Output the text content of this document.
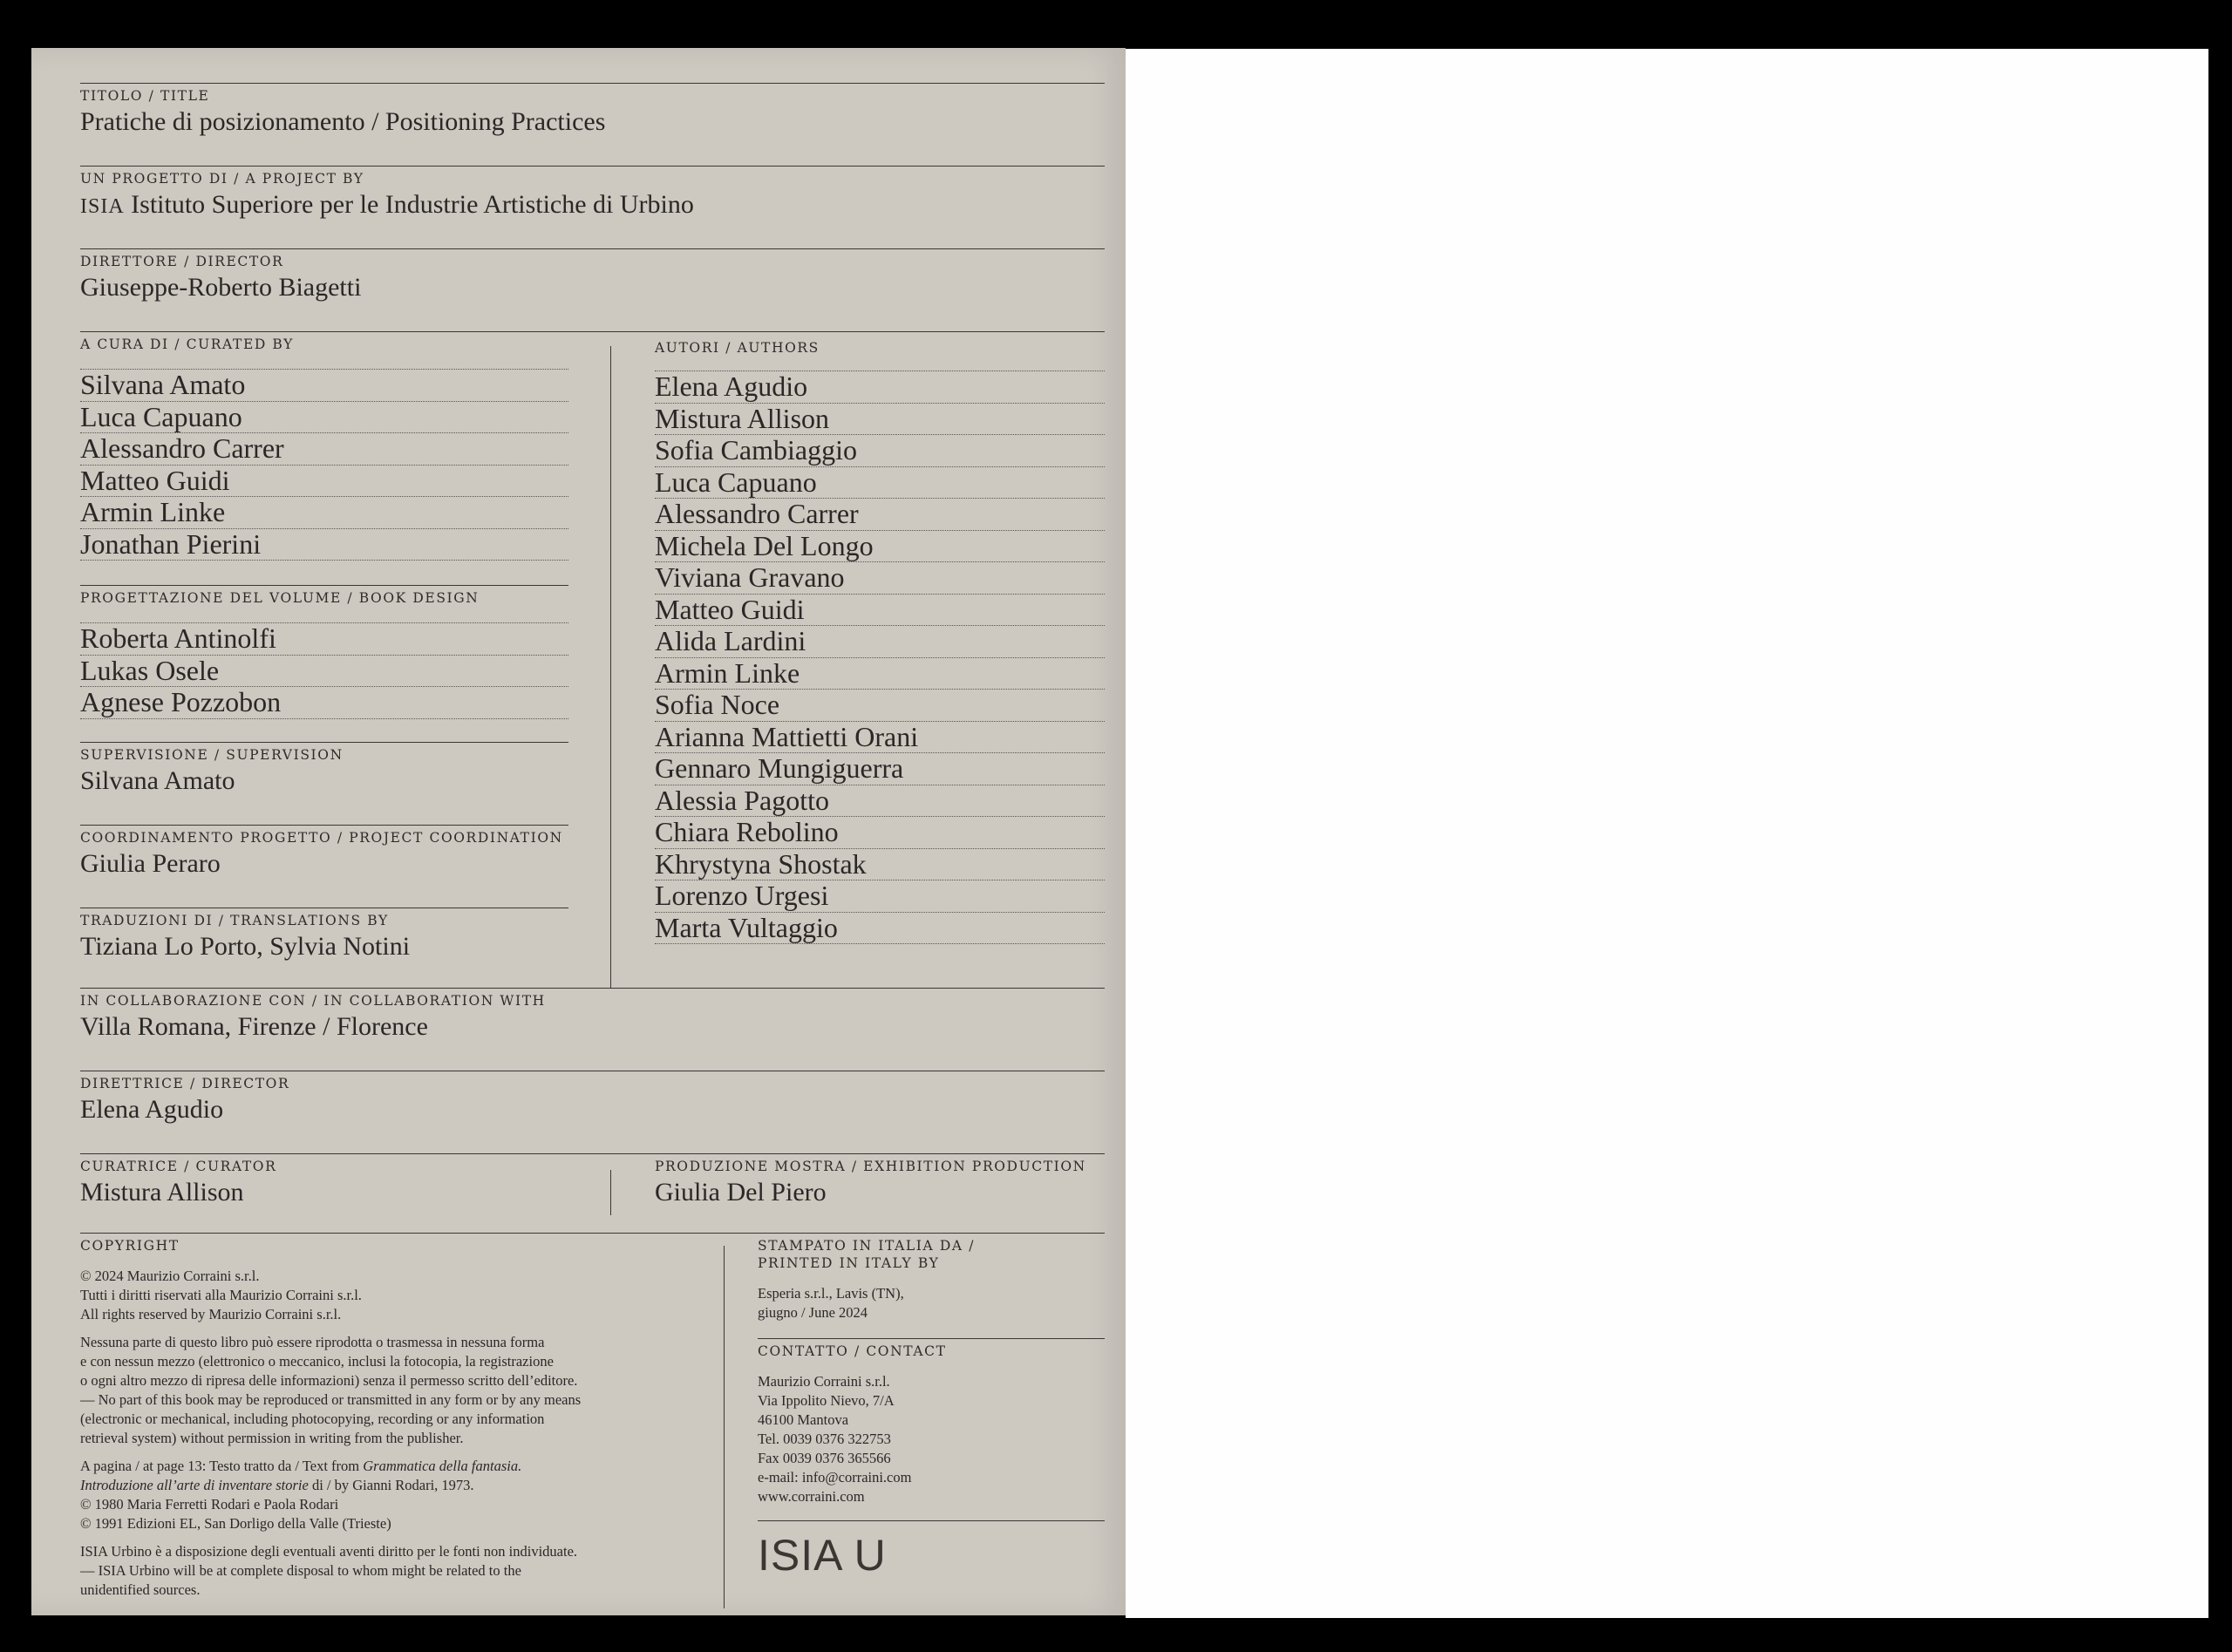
TITOLO / TITLE
Pratiche di posizionamento / Positioning Practices
UN PROGETTO DI / A PROJECT BY
ISIA Istituto Superiore per le Industrie Artistiche di Urbino
DIRETTORE / DIRECTOR
Giuseppe-Roberto Biagetti
A CURA DI / CURATED BY
Silvana Amato
Luca Capuano
Alessandro Carrer
Matteo Guidi
Armin Linke
Jonathan Pierini
PROGETTAZIONE DEL VOLUME / BOOK DESIGN
Roberta Antinolfi
Lukas Osele
Agnese Pozzobon
SUPERVISIONE / SUPERVISION
Silvana Amato
COORDINAMENTO PROGETTO / PROJECT COORDINATION
Giulia Peraro
TRADUZIONI DI / TRANSLATIONS BY
Tiziana Lo Porto, Sylvia Notini
AUTORI / AUTHORS
Elena Agudio
Mistura Allison
Sofia Cambiaggio
Luca Capuano
Alessandro Carrer
Michela Del Longo
Viviana Gravano
Matteo Guidi
Alida Lardini
Armin Linke
Sofia Noce
Arianna Mattietti Orani
Gennaro Mungiguerra
Alessia Pagotto
Chiara Rebolino
Khrystyna Shostak
Lorenzo Urgesi
Marta Vultaggio
IN COLLABORAZIONE CON / IN COLLABORATION WITH
Villa Romana, Firenze / Florence
DIRETTRICE / DIRECTOR
Elena Agudio
CURATRICE / CURATOR
Mistura Allison
PRODUZIONE MOSTRA / EXHIBITION PRODUCTION
Giulia Del Piero
COPYRIGHT

© 2024 Maurizio Corraini s.r.l.
Tutti i diritti riservati alla Maurizio Corraini s.r.l.
All rights reserved by Maurizio Corraini s.r.l.

Nessuna parte di questo libro può essere riprodotta o trasmessa in nessuna forma
e con nessun mezzo (elettronico o meccanico, inclusi la fotocopia, la registrazione
o ogni altro mezzo di ripresa delle informazioni) senza il permesso scritto dell’editore.
— No part of this book may be reproduced or transmitted in any form or by any means
(electronic or mechanical, including photocopying, recording or any information
retrieval system) without permission in writing from the publisher.

A pagina / at page 13: Testo tratto da / Text from Grammatica della fantasia.
Introduzione all’arte di inventare storie di / by Gianni Rodari, 1973.
© 1980 Maria Ferretti Rodari e Paola Rodari
© 1991 Edizioni EL, San Dorligo della Valle (Trieste)

ISIA Urbino è a disposizione degli eventuali aventi diritto per le fonti non individuate.
— ISIA Urbino will be at complete disposal to whom might be related to the
unidentified sources.

STAMPATO IN ITALIA DA /
PRINTED IN ITALY BY
Esperia s.r.l., Lavis (TN),
giugno / June 2024
CONTATTO / CONTACT
Maurizio Corraini s.r.l.
Via Ippolito Nievo, 7/A
46100 Mantova
Tel. 0039 0376 322753
Fax 0039 0376 365566
e-mail: info@corraini.com
www.corraini.com
ISIA U
